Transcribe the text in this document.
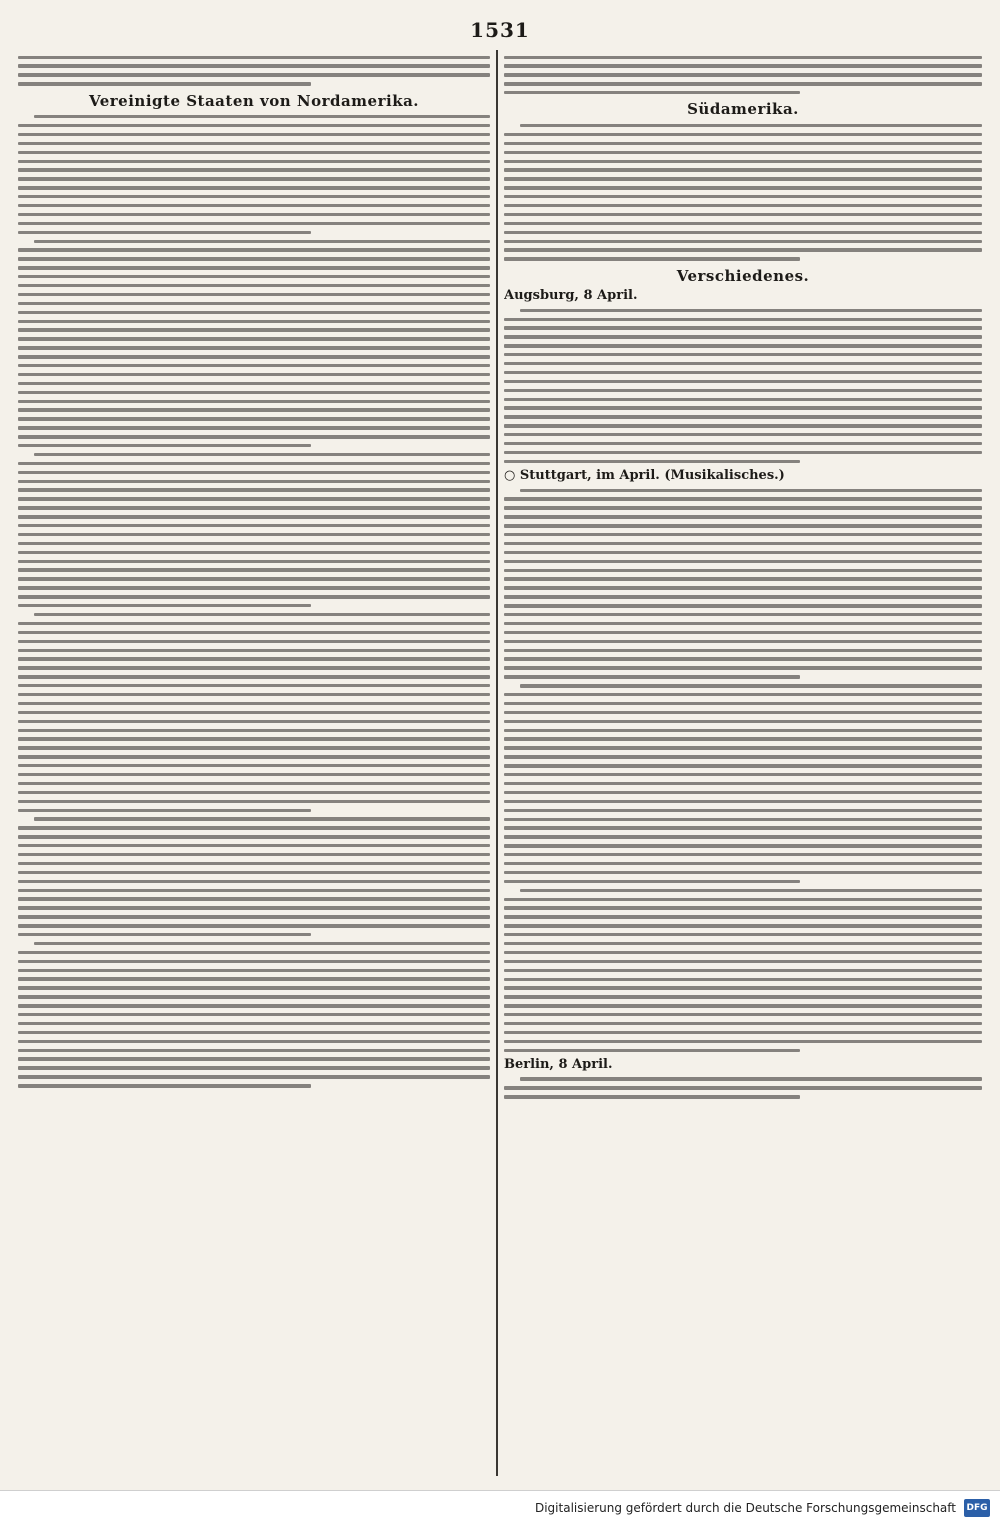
1531
Vereinigte Staaten von Nordamerika.	Südamerika.
Verschiedenes.

Augsburg, 8 April.

○ Stuttgart, im April. (Musikalisches.)

Berlin, 8 April.

Digitalisierung gefördert durch die Deutsche Forschungsgemeinschaft DFG
